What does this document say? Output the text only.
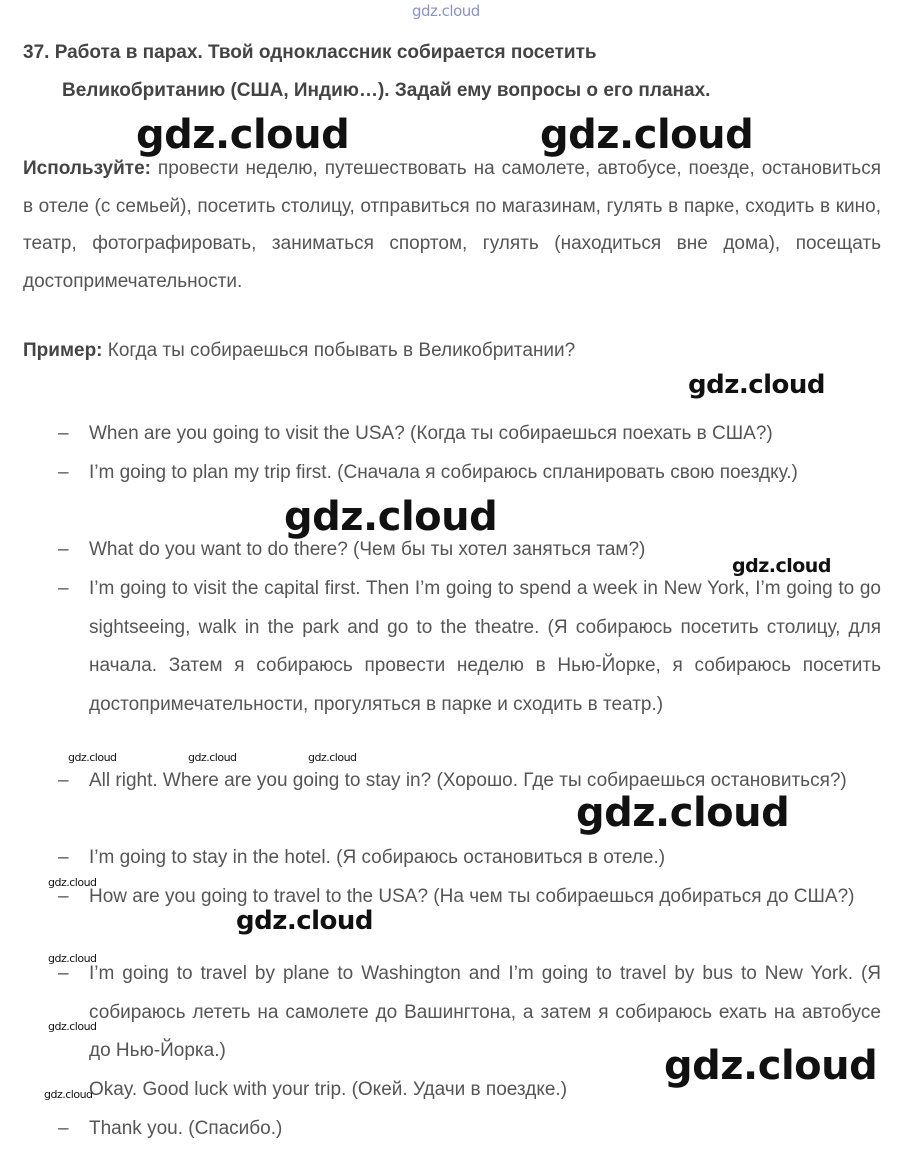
gdz.cloud
gdz.cloud	gdz.cloud
gdz.cloud
gdz.cloud
gdz.cloud
gdz.cloud	gdz.cloud	gdz.cloud
gdz.cloud
gdz.cloud
gdz.cloud
gdz.cloud
gdz.cloud
gdz.cloud
gdz.cloud
37. Работа в парах. Твой одноклассник собирается посетить
Великобританию (США, Индию…). Задай ему вопросы о его планах.
Используйте: провести неделю, путешествовать на самолете, автобусе, поезде, остановиться в отеле (с семьей), посетить столицу, отправиться по магазинам, гулять в парке, сходить в кино, театр, фотографировать, заниматься спортом, гулять (находиться вне дома), посещать достопримечательности.
Пример: Когда ты собираешься побывать в Великобритании?
– When are you going to visit the USA? (Когда ты собираешься поехать в США?)
– I’m going to plan my trip first. (Сначала я собираюсь спланировать свою поездку.)
– What do you want to do there? (Чем бы ты хотел заняться там?)
– I’m going to visit the capital first. Then I’m going to spend a week in New York, I’m going to go sightseeing, walk in the park and go to the theatre. (Я собираюсь посетить столицу, для начала. Затем я собираюсь провести неделю в Нью-Йорке, я собираюсь посетить достопримечательности, прогуляться в парке и сходить в театр.)
– All right. Where are you going to stay in? (Хорошо. Где ты собираешься остановиться?)
– I’m going to stay in the hotel. (Я собираюсь остановиться в отеле.)
– How are you going to travel to the USA? (На чем ты собираешься добираться до США?)
– I’m going to travel by plane to Washington and I’m going to travel by bus to New York. (Я собираюсь лететь на самолете до Вашингтона, а затем я собираюсь ехать на автобусе до Нью-Йорка.)
Okay. Good luck with your trip. (Окей. Удачи в поездке.)
– Thank you. (Спасибо.)
